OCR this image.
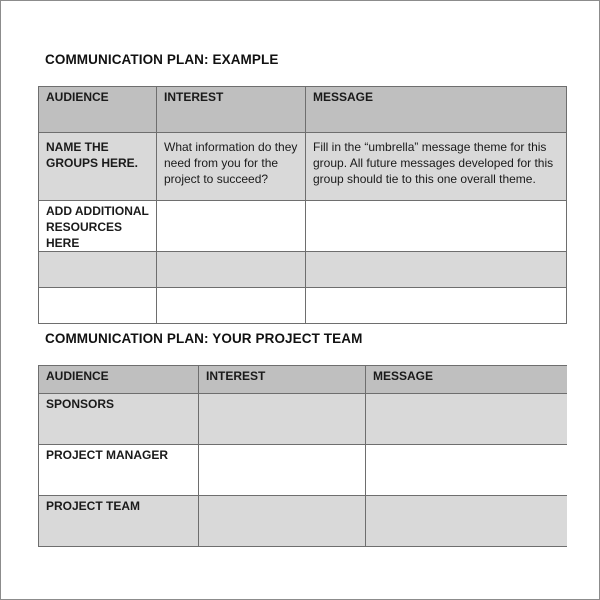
COMMUNICATION PLAN: EXAMPLE
AUDIENCE	INTEREST	MESSAGE
NAME THE GROUPS HERE.	What information do they need from you for the project to succeed?	Fill in the “umbrella” message theme for this group. All future messages developed for this group should tie to this one overall theme.
ADD ADDITIONAL RESOURCES HERE		

COMMUNICATION PLAN: YOUR PROJECT TEAM
AUDIENCE	INTEREST	MESSAGE
SPONSORS		
PROJECT MANAGER		
PROJECT TEAM		
